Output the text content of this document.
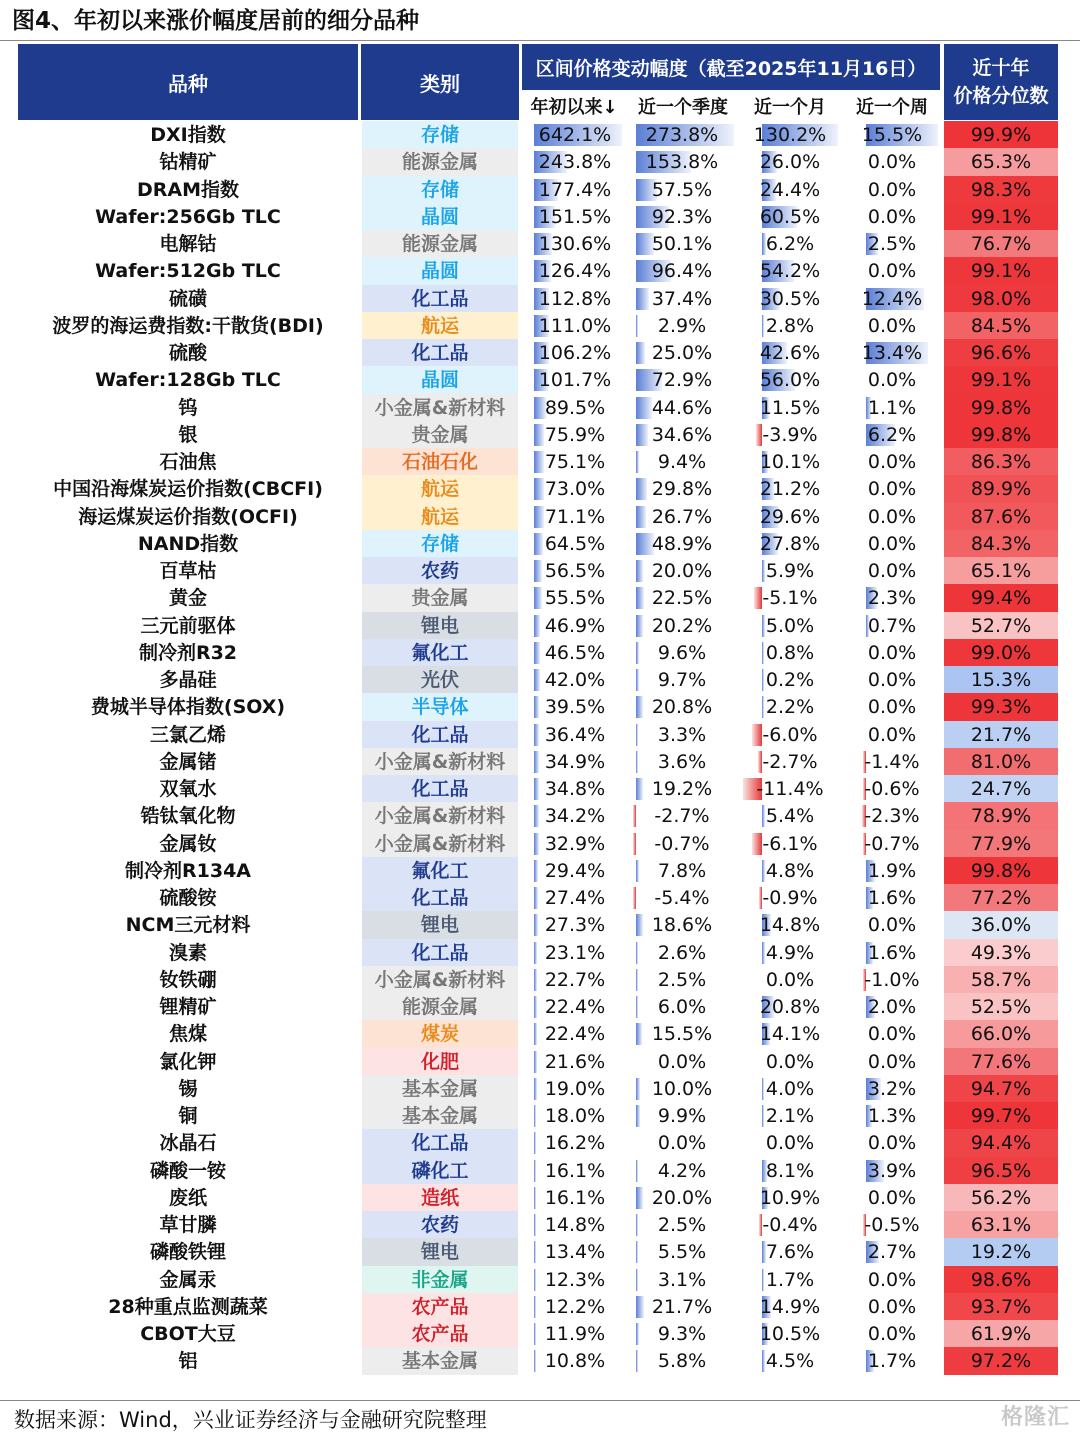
图4、年初以来涨价幅度居前的细分品种
品种	类别
区间价格变动幅度（截至2025年11月16日）	近十年
价格分位数
年初以来↓	近一个季度	近一个月	近一个周
DXI指数	存储	642.1%	273.8%	130.2%	15.5%	99.9%
钴精矿	能源金属	243.8%	153.8%	26.0%	0.0%	65.3%
DRAM指数	存储	177.4%	57.5%	24.4%	0.0%	98.3%
Wafer:256Gb TLC	晶圆	151.5%	92.3%	60.5%	0.0%	99.1%
电解钴	能源金属	130.6%	50.1%	6.2%	2.5%	76.7%
Wafer:512Gb TLC	晶圆	126.4%	96.4%	54.2%	0.0%	99.1%
硫磺	化工品	112.8%	37.4%	30.5%	12.4%	98.0%
波罗的海运费指数:干散货(BDI)	航运	111.0%	2.9%	2.8%	0.0%	84.5%
硫酸	化工品	106.2%	25.0%	42.6%	13.4%	96.6%
Wafer:128Gb TLC	晶圆	101.7%	72.9%	56.0%	0.0%	99.1%
钨	小金属&新材料	89.5%	44.6%	11.5%	1.1%	99.8%
银	贵金属	75.9%	34.6%	-3.9%	6.2%	99.8%
石油焦	石油石化	75.1%	9.4%	10.1%	0.0%	86.3%
中国沿海煤炭运价指数(CBCFI)	航运	73.0%	29.8%	21.2%	0.0%	89.9%
海运煤炭运价指数(OCFI)	航运	71.1%	26.7%	29.6%	0.0%	87.6%
NAND指数	存储	64.5%	48.9%	27.8%	0.0%	84.3%
百草枯	农药	56.5%	20.0%	5.9%	0.0%	65.1%
黄金	贵金属	55.5%	22.5%	-5.1%	2.3%	99.4%
三元前驱体	锂电	46.9%	20.2%	5.0%	0.7%	52.7%
制冷剂R32	氟化工	46.5%	9.6%	0.8%	0.0%	99.0%
多晶硅	光伏	42.0%	9.7%	0.2%	0.0%	15.3%
费城半导体指数(SOX)	半导体	39.5%	20.8%	2.2%	0.0%	99.3%
三氯乙烯	化工品	36.4%	3.3%	-6.0%	0.0%	21.7%
金属锗	小金属&新材料	34.9%	3.6%	-2.7%	-1.4%	81.0%
双氧水	化工品	34.8%	19.2%	-11.4%	-0.6%	24.7%
锆钛氧化物	小金属&新材料	34.2%	-2.7%	5.4%	-2.3%	78.9%
金属钕	小金属&新材料	32.9%	-0.7%	-6.1%	-0.7%	77.9%
制冷剂R134A	氟化工	29.4%	7.8%	4.8%	1.9%	99.8%
硫酸铵	化工品	27.4%	-5.4%	-0.9%	1.6%	77.2%
NCM三元材料	锂电	27.3%	18.6%	14.8%	0.0%	36.0%
溴素	化工品	23.1%	2.6%	4.9%	1.6%	49.3%
钕铁硼	小金属&新材料	22.7%	2.5%	0.0%	-1.0%	58.7%
锂精矿	能源金属	22.4%	6.0%	20.8%	2.0%	52.5%
焦煤	煤炭	22.4%	15.5%	14.1%	0.0%	66.0%
氯化钾	化肥	21.6%	0.0%	0.0%	0.0%	77.6%
锡	基本金属	19.0%	10.0%	4.0%	3.2%	94.7%
铜	基本金属	18.0%	9.9%	2.1%	1.3%	99.7%
冰晶石	化工品	16.2%	0.0%	0.0%	0.0%	94.4%
磷酸一铵	磷化工	16.1%	4.2%	8.1%	3.9%	96.5%
废纸	造纸	16.1%	20.0%	10.9%	0.0%	56.2%
草甘膦	农药	14.8%	2.5%	-0.4%	-0.5%	63.1%
磷酸铁锂	锂电	13.4%	5.5%	7.6%	2.7%	19.2%
金属汞	非金属	12.3%	3.1%	1.7%	0.0%	98.6%
28种重点监测蔬菜	农产品	12.2%	21.7%	14.9%	0.0%	93.7%
CBOT大豆	农产品	11.9%	9.3%	10.5%	0.0%	61.9%
铝	基本金属	10.8%	5.8%	4.5%	1.7%	97.2%
数据来源：Wind，兴业证券经济与金融研究院整理	格隆汇
